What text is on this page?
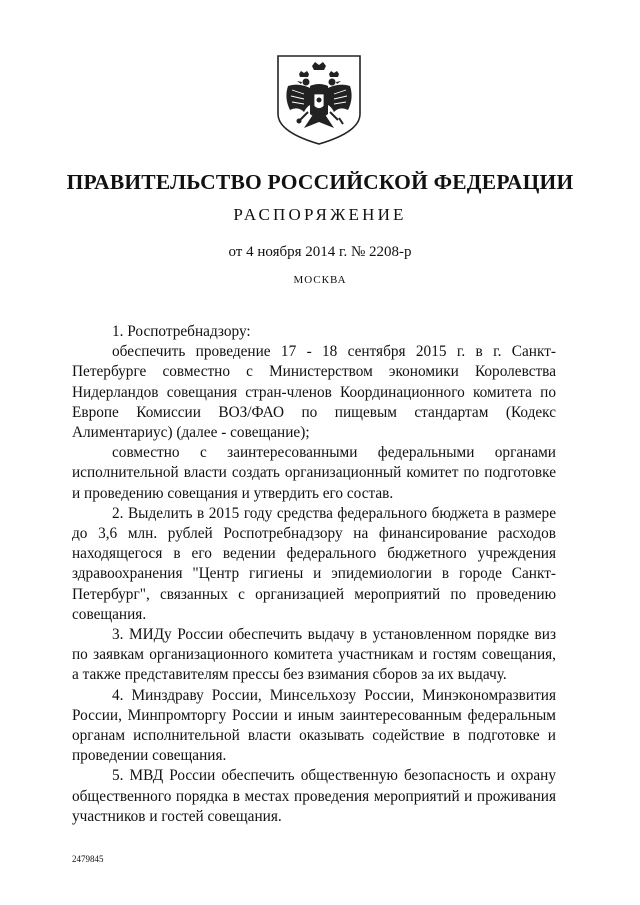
ПРАВИТЕЛЬСТВО РОССИЙСКОЙ ФЕДЕРАЦИИ
РАСПОРЯЖЕНИЕ
от 4 ноября 2014 г. № 2208-р
МОСКВА

1. Роспотребнадзору:

обеспечить проведение 17 - 18 сентября 2015 г. в г. Санкт-Петербурге совместно с Министерством экономики Королевства Нидерландов совещания стран-членов Координационного комитета по Европе Комиссии ВОЗ/ФАО по пищевым стандартам (Кодекс Алиментариус) (далее - совещание);

совместно с заинтересованными федеральными органами исполнительной власти создать организационный комитет по подготовке и проведению совещания и утвердить его состав.

2. Выделить в 2015 году средства федерального бюджета в размере до 3,6 млн. рублей Роспотребнадзору на финансирование расходов находящегося в его ведении федерального бюджетного учреждения здравоохранения "Центр гигиены и эпидемиологии в городе Санкт-Петербург", связанных с организацией мероприятий по проведению совещания.

3. МИДу России обеспечить выдачу в установленном порядке виз по заявкам организационного комитета участникам и гостям совещания, а также представителям прессы без взимания сборов за их выдачу.

4. Минздраву России, Минсельхозу России, Минэкономразвития России, Минпромторгу России и иным заинтересованным федеральным органам исполнительной власти оказывать содействие в подготовке и проведении совещания.

5. МВД России обеспечить общественную безопасность и охрану общественного порядка в местах проведения мероприятий и проживания участников и гостей совещания.

2479845
